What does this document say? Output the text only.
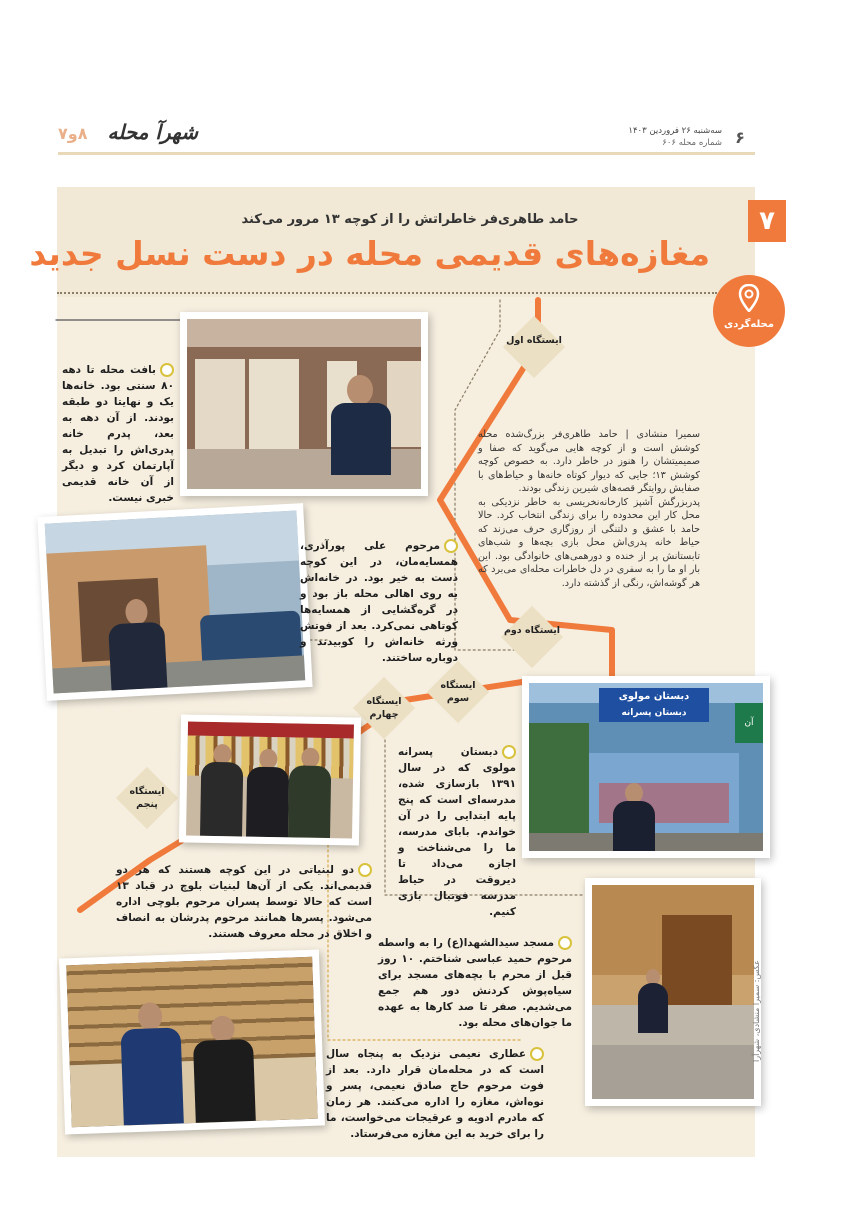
۶
سه‌شنبه ۲۶ فروردین ۱۴۰۳
شماره محله ۶۰۶
شهرآ محله
۸و۷
حامد طاهری‌فر خاطراتش را از کوچه ۱۳ مرور می‌کند
مغازه‌های قدیمی محله در دست نسل جدید
۷
محله‌گردی
ایستگاه اول
ایستگاه دوم
ایستگاه سوم
ایستگاه چهارم
ایستگاه پنجم
سمیرا منشادی | حامد طاهری‌فر بزرگ‌شده محله کوشش است و از کوچه هایی می‌گوید که صفا و صمیمیتشان را هنوز در خاطر دارد. به خصوص کوچه کوشش ۱۳؛ جایی که دیوار کوتاه خانه‌ها و حیاط‌های با صفایش روایتگر قصه‌های شیرین زندگی بودند.
پدربزرگش آشپز کارخانه‌نخریسی به خاطر نزدیکی به محل کار این محدوده را برای زندگی انتخاب کرد. حالا حامد با عشق و دلتنگی از روزگاری حرف می‌زند که حیاط خانه پدری‌اش محل بازی بچه‌ها و شب‌های تابستانش پر از خنده و دورهمی‌های خانوادگی بود. این بار او ما را به سفری در دل خاطرات محله‌ای می‌برد که هر گوشه‌اش، رنگی از گذشته دارد.
دبستان مولوی
دبستان پسرانه
آن
عکس: سمیرا منشادی، شهرآرا
بافت محله تا دهه ۸۰ سنتی بود. خانه‌ها یک و نهایتا دو طبقه بودند. از آن دهه به بعد، پدرم خانه پدری‌اش را تبدیل به آپارتمان کرد و دیگر از آن خانه قدیمی خبری نیست.
مرحوم علی پورآذری، همسایه‌مان، در این کوچه دست به خیر بود. در خانه‌اش به روی اهالی محله باز بود و در گره‌گشایی از همسایه‌ها کوتاهی نمی‌کرد. بعد از فوتش ورثه خانه‌اش را کوبیدند و دوباره ساختند.
دبستان پسرانه مولوی که در سال ۱۳۹۱ بازسازی شده، مدرسه‌ای است که پنج پایه ابتدایی را در آن خواندم. بابای مدرسه، ما را می‌شناخت و اجازه می‌داد تا دیروقت در حیاط مدرسه فوتبال بازی کنیم.
دو لبنیاتی در این کوچه هستند که هر دو قدیمی‌اند. یکی از آن‌ها لبنیات بلوچ در قباد ۱۳ است که حالا توسط پسران مرحوم بلوچی اداره می‌شود. پسرها همانند مرحوم پدرشان به انصاف و اخلاق در محله معروف هستند.
مسجد سیدالشهدا(ع) را به واسطه مرحوم حمید عباسی شناختم. ۱۰ روز قبل از محرم با بچه‌های مسجد برای سیاه‌پوش کردنش دور هم جمع می‌شدیم. صفر تا صد کارها به عهده ما جوان‌های محله بود.
عطاری نعیمی نزدیک به پنجاه سال است که در محله‌مان قرار دارد. بعد از فوت مرحوم حاج صادق نعیمی، پسر و نوه‌اش، مغازه را اداره می‌کنند. هر زمان که مادرم ادویه و عرقیجات می‌خواست، ما را برای خرید به این مغازه می‌فرستاد.
